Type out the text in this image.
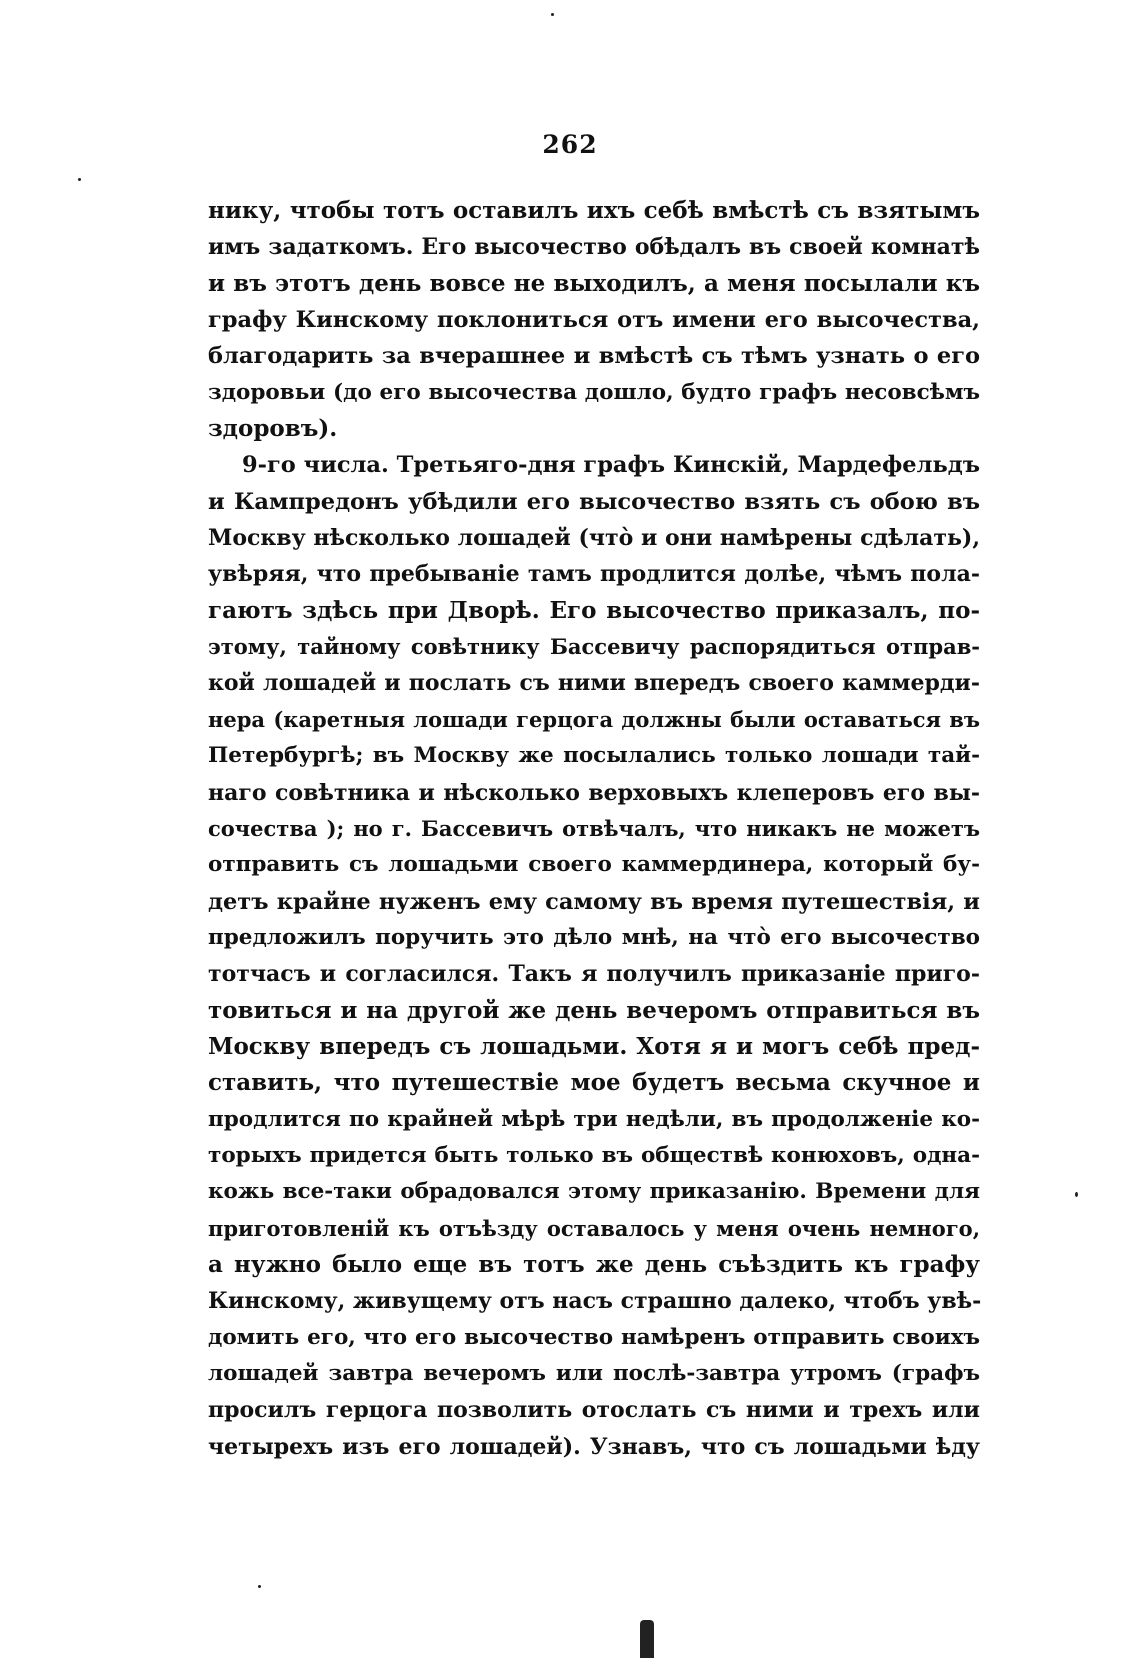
262
нику, чтобы тотъ оставилъ ихъ себѣ вмѣстѣ съ взятымъ
имъ задаткомъ. Его высочество обѣдалъ въ своей комнатѣ
и въ этотъ день вовсе не выходилъ, а меня посылали къ
графу Кинскому поклониться отъ имени его высочества,
благодарить за вчерашнее и вмѣстѣ съ тѣмъ узнать о его
здоровьи (до его высочества дошло, будто графъ несовсѣмъ
здоровъ).
9-го числа. Третьяго-дня графъ Кинскій, Мардефельдъ
и Кампредонъ убѣдили его высочество взять съ обою въ
Москву нѣсколько лошадей (что̀ и они намѣрены сдѣлать),
увѣряя, что пребываніе тамъ продлится долѣе, чѣмъ пола-
гаютъ здѣсь при Дворѣ. Его высочество приказалъ, по-
этому, тайному совѣтнику Бассевичу распорядиться отправ-
кой лошадей и послать съ ними впередъ своего каммерди-
нера (каретныя лошади герцога должны были оставаться въ
Петербургѣ; въ Москву же посылались только лошади тай-
наго совѣтника и нѣсколько верховыхъ клеперовъ его вы-
сочества ); но г. Бассевичъ отвѣчалъ, что никакъ не можетъ
отправить съ лошадьми своего каммердинера, который бу-
детъ крайне нуженъ ему самому въ время путешествія, и
предложилъ поручить это дѣло мнѣ, на что̀ его высочество
тотчасъ и согласился. Такъ я получилъ приказаніе приго-
товиться и на другой же день вечеромъ отправиться въ
Москву впередъ съ лошадьми. Хотя я и могъ себѣ пред-
ставить, что путешествіе мое будетъ весьма скучное и
продлится по крайней мѣрѣ три недѣли, въ продолженіе ко-
торыхъ придется быть только въ обществѣ конюховъ, одна-
кожь все-таки обрадовался этому приказанію. Времени для
приготовленій къ отъѣзду оставалось у меня очень немного,
а нужно было еще въ тотъ же день съѣздить къ графу
Кинскому, живущему отъ насъ страшно далеко, чтобъ увѣ-
домить его, что его высочество намѣренъ отправить своихъ
лошадей завтра вечеромъ или послѣ-завтра утромъ (графъ
просилъ герцога позволить отослать съ ними и трехъ или
четырехъ изъ его лошадей). Узнавъ, что съ лошадьми ѣду
